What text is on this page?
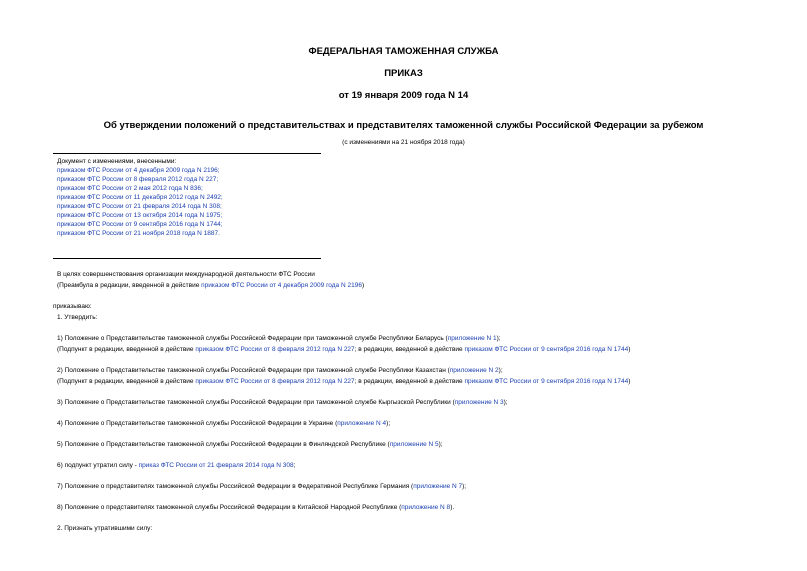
ФЕДЕРАЛЬНАЯ ТАМОЖЕННАЯ СЛУЖБА
ПРИКАЗ
от 19 января 2009 года N 14
Об утверждении положений о представительствах и представителях таможенной службы Российской Федерации за рубежом
(с изменениями на 21 ноября 2018 года)
Документ с изменениями, внесенными:
приказом ФТС России от 4 декабря 2009 года N 2196;
приказом ФТС России от 8 февраля 2012 года N 227;
приказом ФТС России от 2 мая 2012 года N 836;
приказом ФТС России от 11 декабря 2012 года N 2492;
приказом ФТС России от 21 февраля 2014 года N 308;
приказом ФТС России от 13 октября 2014 года N 1975;
приказом ФТС России от 9 сентября 2016 года N 1744;
приказом ФТС России от 21 ноября 2018 года N 1887.
В целях совершенствования организации международной деятельности ФТС России
(Преамбула в редакции, введенной в действие приказом ФТС России от 4 декабря 2009 года N 2196)
приказываю:
1. Утвердить:
1) Положение о Представительстве таможенной службы Российской Федерации при таможенной службе Республики Беларусь (приложение N 1);
(Подпункт в редакции, введенной в действие приказом ФТС России от 8 февраля 2012 года N 227; в редакции, введенной в действие приказом ФТС России от 9 сентября 2016 года N 1744)
2) Положение о Представительстве таможенной службы Российской Федерации при таможенной службе Республики Казахстан (приложение N 2);
(Подпункт в редакции, введенной в действие приказом ФТС России от 8 февраля 2012 года N 227; в редакции, введенной в действие приказом ФТС России от 9 сентября 2016 года N 1744)
3) Положение о Представительстве таможенной службы Российской Федерации при таможенной службе Кыргызской Республики (приложение N 3);
4) Положение о Представительстве таможенной службы Российской Федерации в Украине (приложение N 4);
5) Положение о Представительстве таможенной службы Российской Федерации в Финляндской Республике (приложение N 5);
6) подпункт утратил силу - приказ ФТС России от 21 февраля 2014 года N 308;
7) Положение о представителях таможенной службы Российской Федерации в Федеративной Республике Германия (приложение N 7);
8) Положение о представителях таможенной службы Российской Федерации в Китайской Народной Республике (приложение N 8).
2. Признать утратившими силу:
